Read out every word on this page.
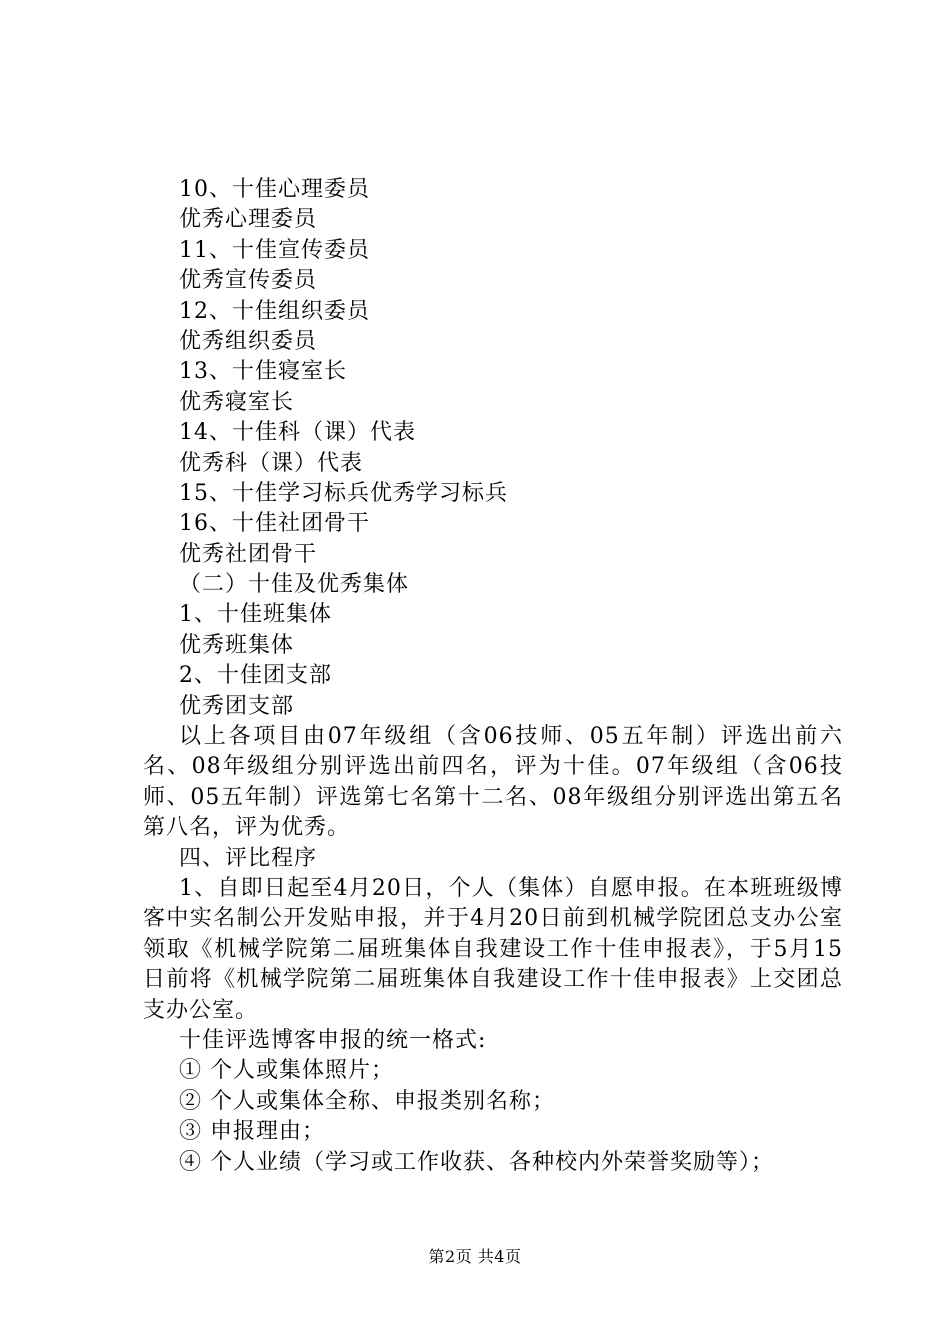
10、十佳心理委员
优秀心理委员
11、十佳宣传委员
优秀宣传委员
12、十佳组织委员
优秀组织委员
13、十佳寝室长
优秀寝室长
14、十佳科（课）代表
优秀科（课）代表
15、十佳学习标兵优秀学习标兵
16、十佳社团骨干
优秀社团骨干
（二）十佳及优秀集体
1、十佳班集体
优秀班集体
2、十佳团支部
优秀团支部
以上各项目由07年级组（含06技师、05五年制）评选出前六名、08年级组分别评选出前四名，评为十佳。07年级组（含06技师、05五年制）评选第七名第十二名、08年级组分别评选出第五名第八名，评为优秀。
四、评比程序
1、自即日起至4月20日，个人（集体）自愿申报。在本班班级博客中实名制公开发贴申报，并于4月20日前到机械学院团总支办公室领取《机械学院第二届班集体自我建设工作十佳申报表》，于5月15日前将《机械学院第二届班集体自我建设工作十佳申报表》上交团总支办公室。
十佳评选博客申报的统一格式:
① 个人或集体照片；
② 个人或集体全称、申报类别名称；
③ 申报理由；
④ 个人业绩（学习或工作收获、各种校内外荣誉奖励等）；
第2页 共4页
